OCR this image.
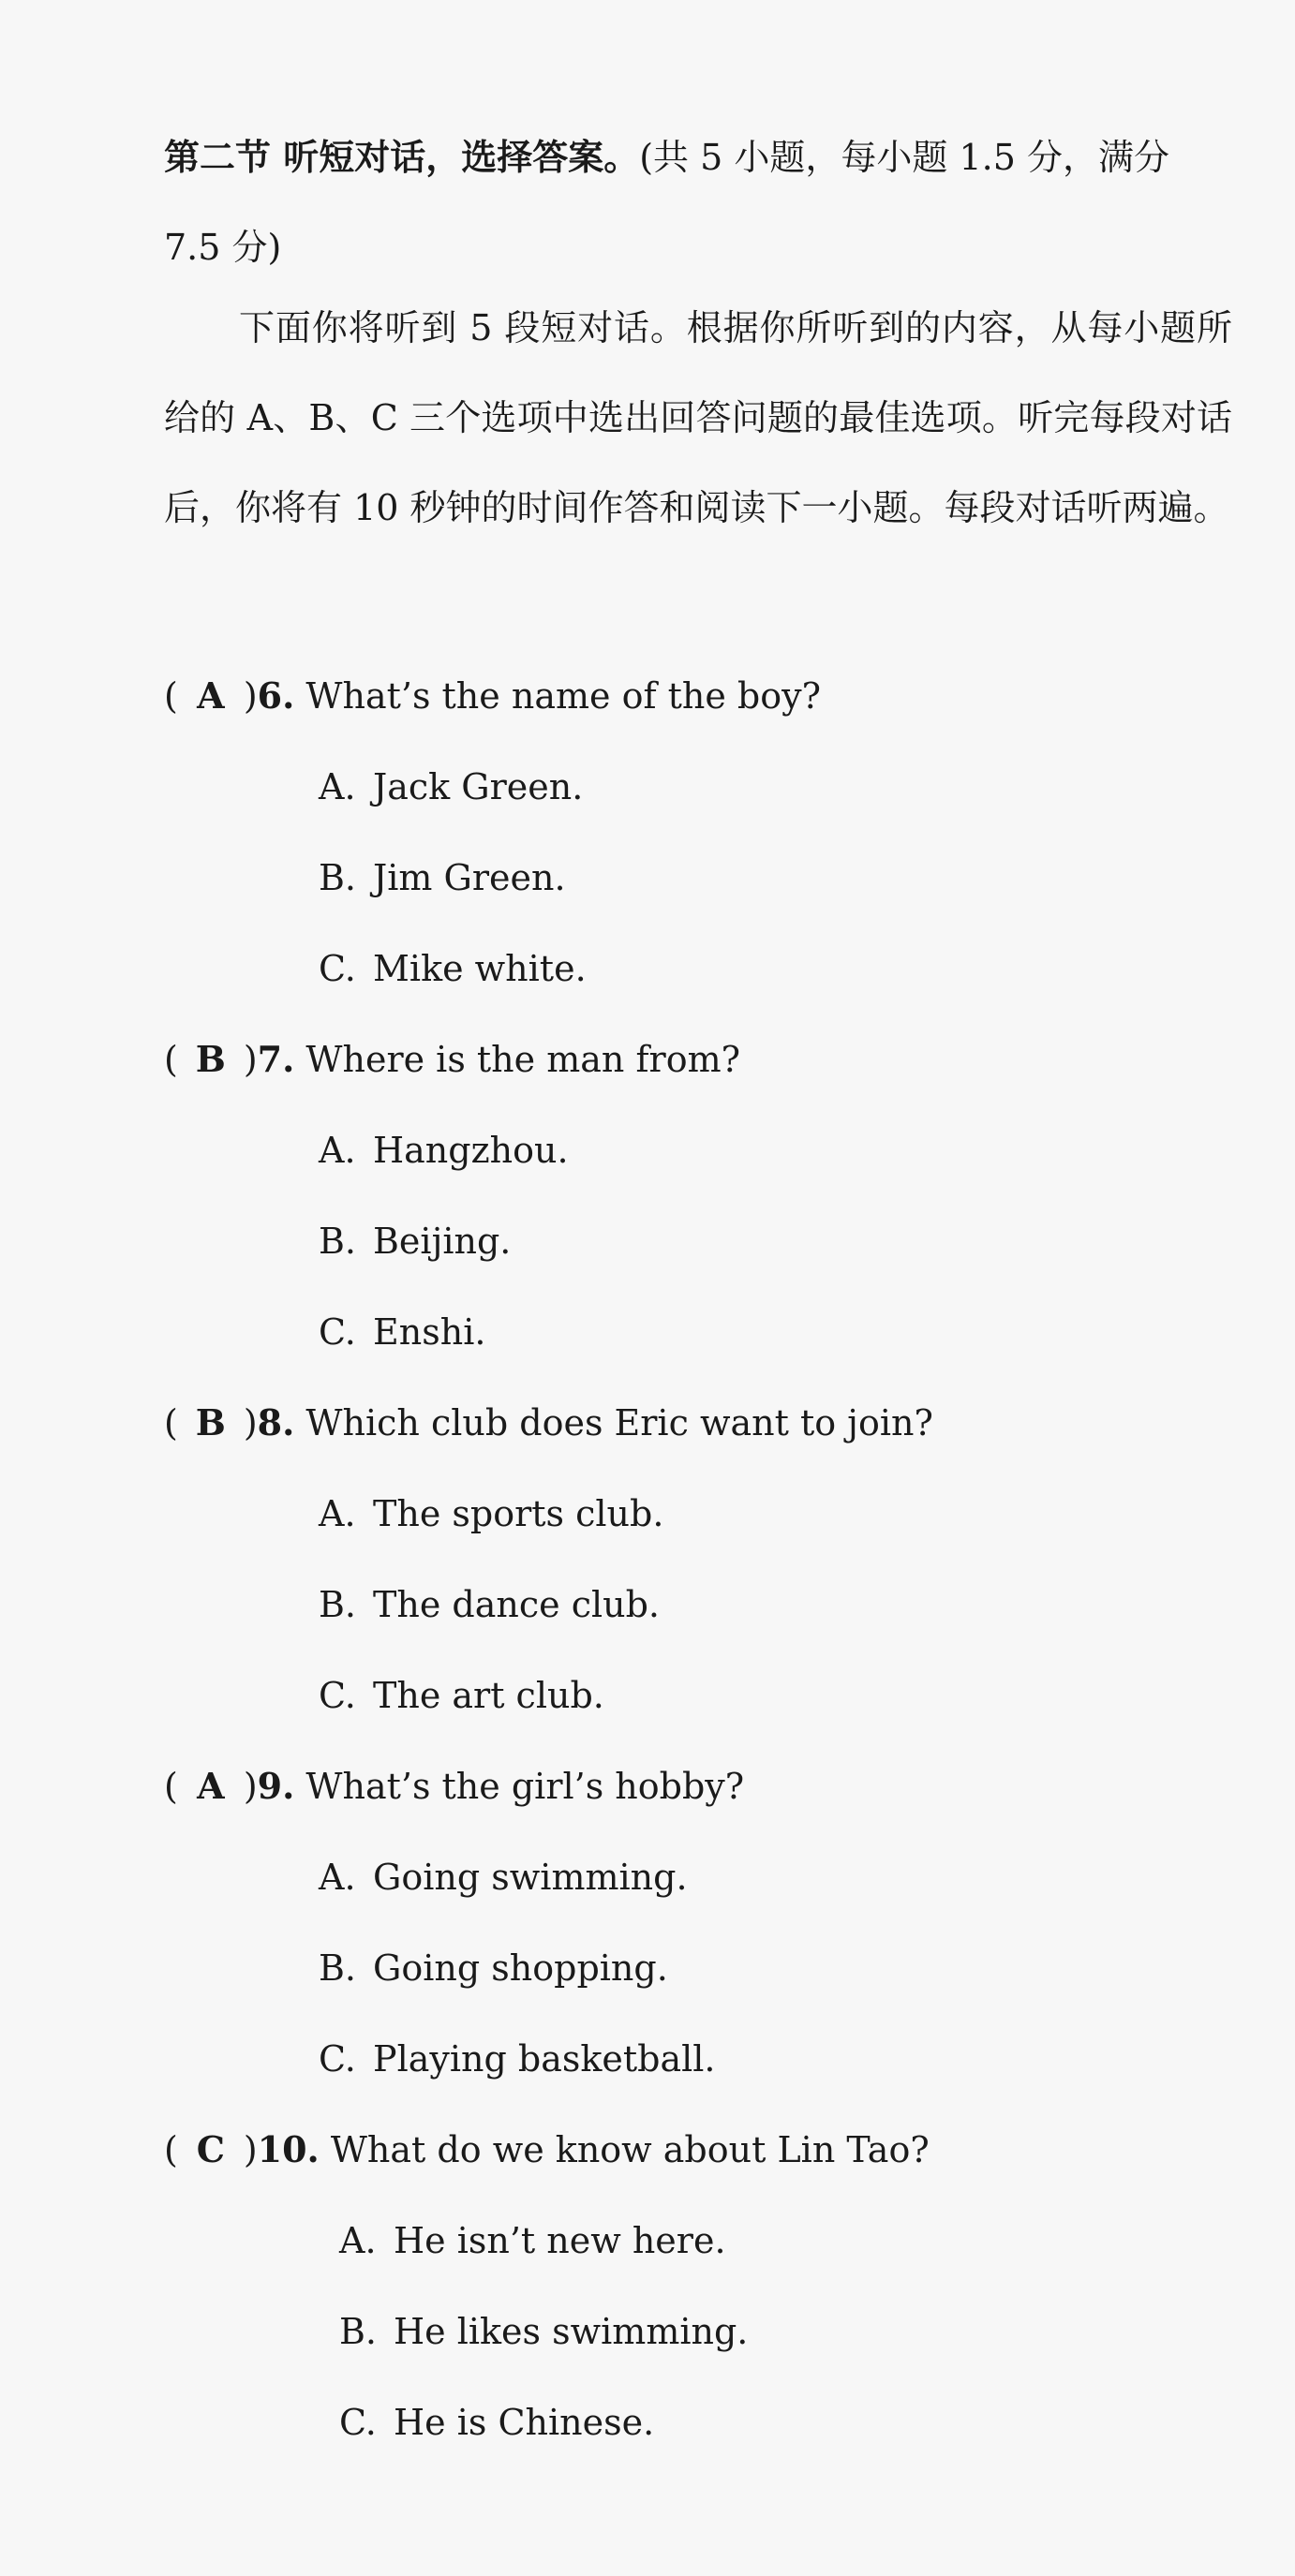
第二节 听短对话，选择答案。(共 5 小题，每小题 1.5 分，满分 7.5 分)
下面你将听到 5 段短对话。根据你所听到的内容，从每小题所给的 A、B、C 三个选项中选出回答问题的最佳选项。听完每段对话后，你将有 10 秒钟的时间作答和阅读下一小题。每段对话听两遍。
( A )6. What’s the name of the boy?
A. Jack Green.
B. Jim Green.
C. Mike white.
( B )7. Where is the man from?
A. Hangzhou.
B. Beijing.
C. Enshi.
( B )8. Which club does Eric want to join?
A. The sports club.
B. The dance club.
C. The art club.
( A )9. What’s the girl’s hobby?
A. Going swimming.
B. Going shopping.
C. Playing basketball.
( C )10. What do we know about Lin Tao?
A. He isn’t new here.
B. He likes swimming.
C. He is Chinese.
